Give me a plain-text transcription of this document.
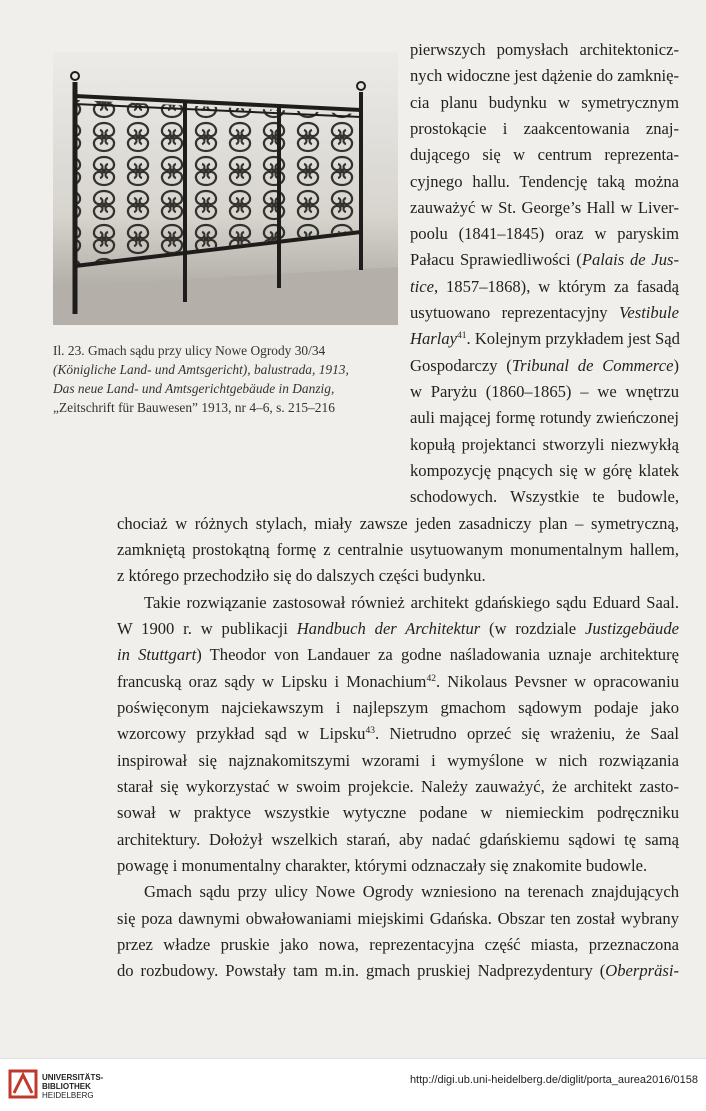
Il. 23. Gmach sądu przy ulicy Nowe Ogrody 30/34
(Königliche Land- und Amtsgericht), balustrada, 1913,
Das neue Land- und Amtsgerichtgebäude in Danzig,
„Zeitschrift für Bauwesen” 1913, nr 4–6, s. 215–216
pierwszych pomysłach architektonicz-
nych widoczne jest dążenie do zamknię-
cia planu budynku w symetrycznym
prostokącie i zaakcentowania znaj-
dującego się w centrum reprezenta-
cyjnego hallu. Tendencję taką można
zauważyć w St. George’s Hall w Liver-
poolu (1841–1845) oraz w paryskim
Pałacu Sprawiedliwości (Palais de Jus-
tice, 1857–1868), w którym za fasadą
usytuowano reprezentacyjny Vestibule
Harlay$^{41}$. Kolejnym przykładem jest Sąd
Gospodarczy (Tribunal de Commerce)
w Paryżu (1860–1865) – we wnętrzu
auli mającej formę rotundy zwieńczonej
kopułą projektanci stworzyli niezwykłą
kompozycję pnących się w górę klatek
schodowych. Wszystkie te budowle,
chociaż w różnych stylach, miały zawsze jeden zasadniczy plan – symetryczną,
zamkniętą prostokątną formę z centralnie usytuowanym monumentalnym hallem,
z którego przechodziło się do dalszych części budynku.
Takie rozwiązanie zastosował również architekt gdańskiego sądu Eduard Saal.
W 1900 r. w publikacji Handbuch der Architektur (w rozdziale Justizgebäude
in Stuttgart) Theodor von Landauer za godne naśladowania uznaje architekturę
francuską oraz sądy w Lipsku i Monachium$^{42}$. Nikolaus Pevsner w opracowaniu
poświęconym najciekawszym i najlepszym gmachom sądowym podaje jako
wzorcowy przykład sąd w Lipsku$^{43}$. Nietrudno oprzeć się wrażeniu, że Saal
inspirował się najznakomitszymi wzorami i wymyślone w nich rozwiązania
starał się wykorzystać w swoim projekcie. Należy zauważyć, że architekt zasto-
sował w praktyce wszystkie wytyczne podane w niemieckim podręczniku
architektury. Dołożył wszelkich starań, aby nadać gdańskiemu sądowi tę samą
powagę i monumentalny charakter, którymi odznaczały się znakomite budowle.
Gmach sądu przy ulicy Nowe Ogrody wzniesiono na terenach znajdujących
się poza dawnymi obwałowaniami miejskimi Gdańska. Obszar ten został wybrany
przez władze pruskie jako nowa, reprezentacyjna część miasta, przeznaczona
do rozbudowy. Powstały tam m.in. gmach pruskiej Nadprezydentury (Oberpräsi-
UNIVERSITÄTS-
BIBLIOTHEK
HEIDELBERG
http://digi.ub.uni-heidelberg.de/diglit/porta_aurea2016/0158
